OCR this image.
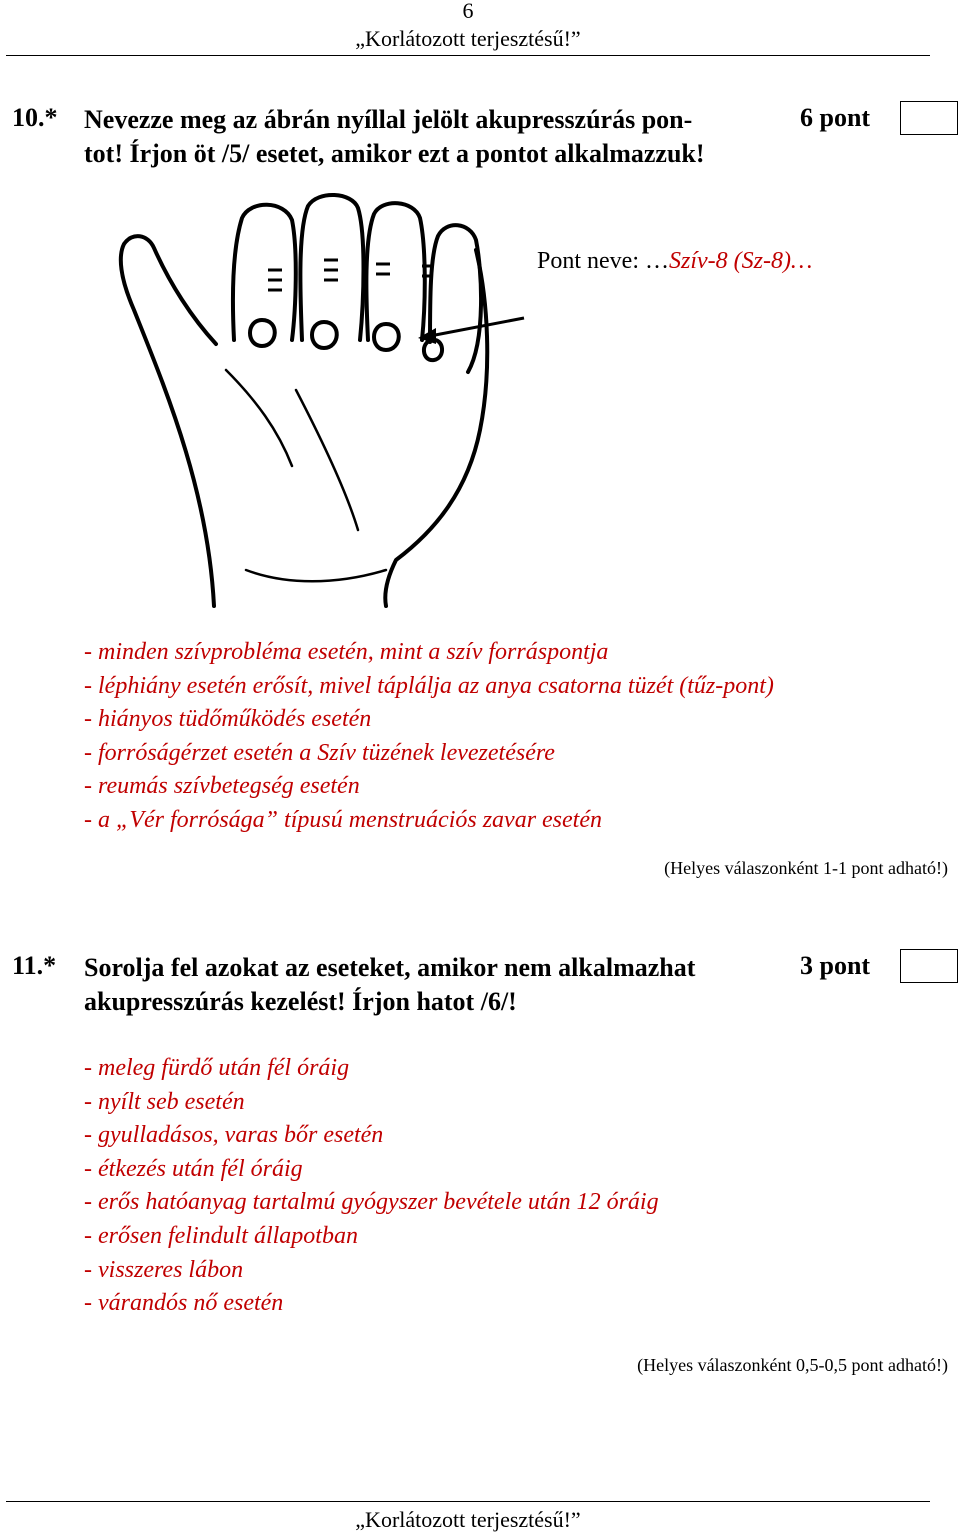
6
„Korlátozott terjesztésű!”
10.* Nevezze meg az ábrán nyíllal jelölt akupresszúrás pon-
tot! Írjon öt /5/ esetet, amikor ezt a pontot alkalmazzuk!
6 pont
Pont neve: …Szív-8 (Sz-8)…
- minden szívprobléma esetén, mint a szív forráspontja
- léphiány esetén erősít, mivel táplálja az anya csatorna tüzét (tűz-pont)
- hiányos tüdőműködés esetén
- forróságérzet esetén a Szív tüzének levezetésére
- reumás szívbetegség esetén
- a „Vér forrósága” típusú menstruációs zavar esetén
(Helyes válaszonként 1-1 pont adható!)
11.* Sorolja fel azokat az eseteket, amikor nem alkalmazhat
akupresszúrás kezelést! Írjon hatot /6/!
3 pont
- meleg fürdő után fél óráig
- nyílt seb esetén
- gyulladásos, varas bőr esetén
- étkezés után fél óráig
- erős hatóanyag tartalmú gyógyszer bevétele után 12 óráig
- erősen felindult állapotban
- visszeres lábon
- várandós nő esetén
(Helyes válaszonként 0,5-0,5 pont adható!)
„Korlátozott terjesztésű!”
